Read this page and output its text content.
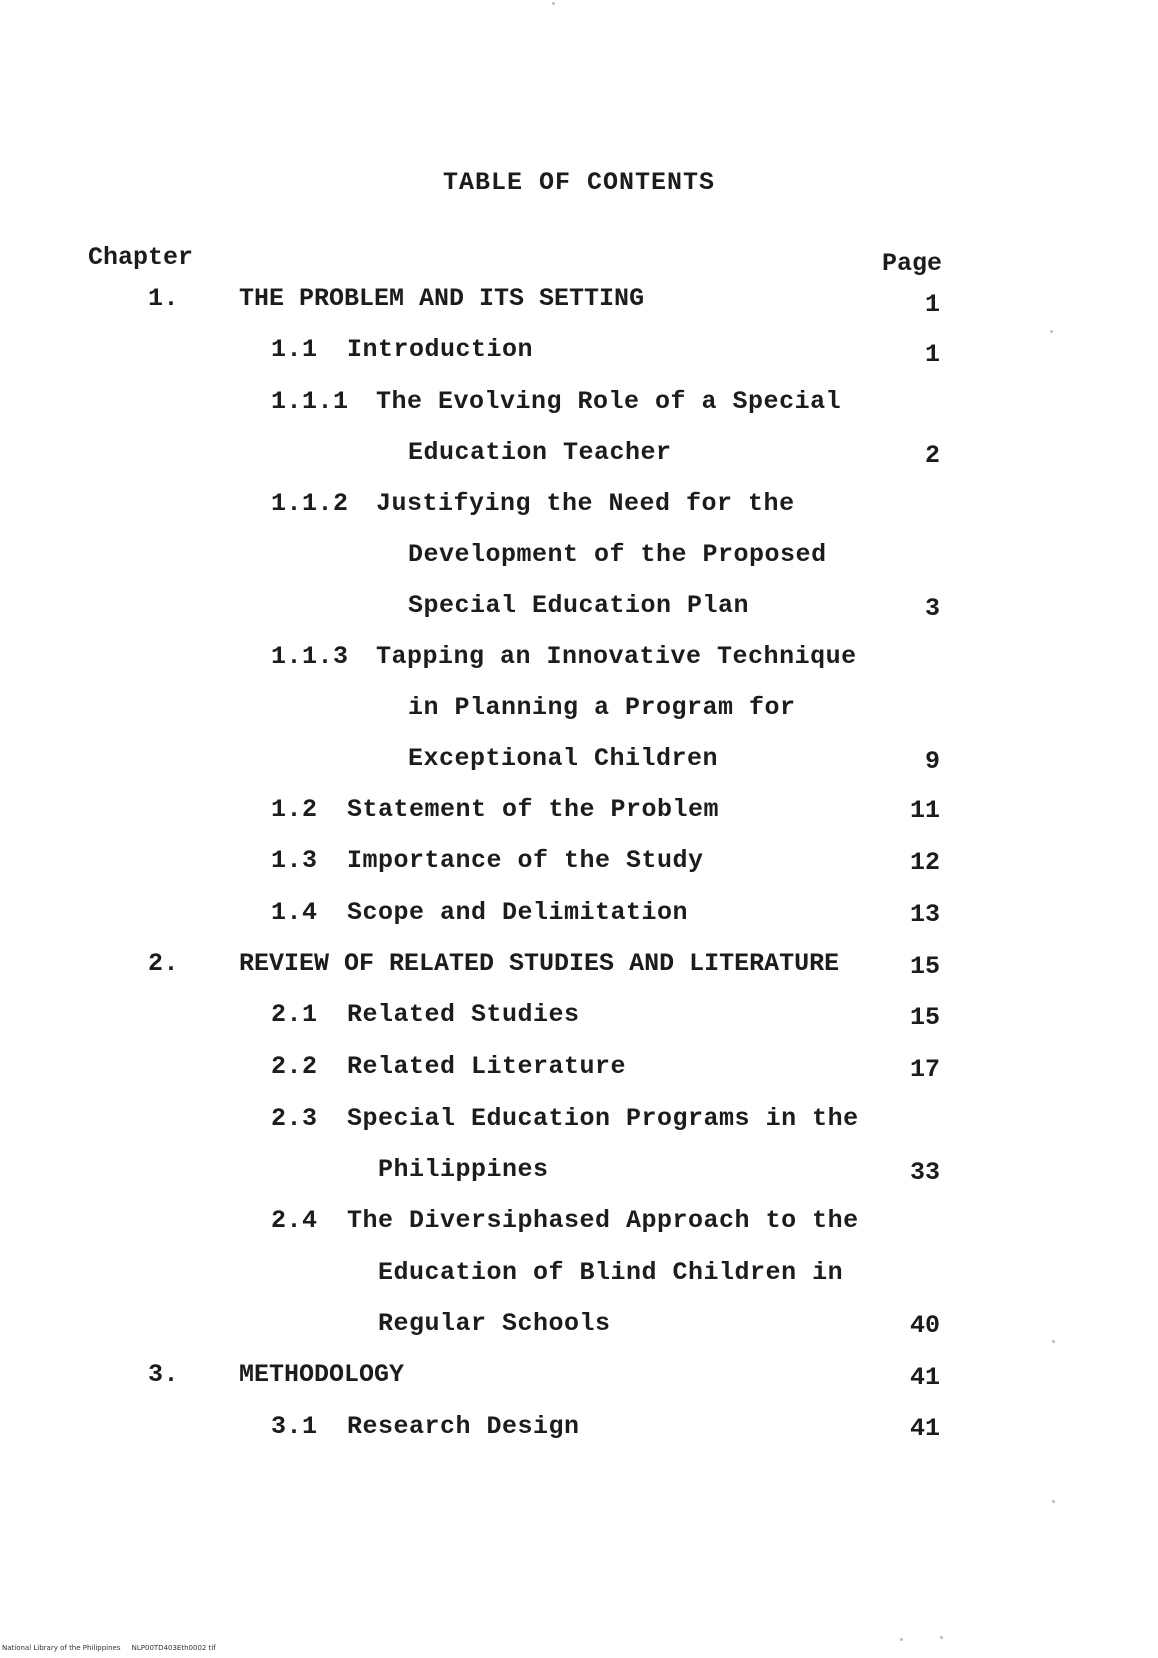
TABLE OF CONTENTS
Chapter	Page
1. THE PROBLEM AND ITS SETTING	1
1.1 Introduction	1
1.1.1 The Evolving Role of a Special
Education Teacher	2
1.1.2 Justifying the Need for the
Development of the Proposed
Special Education Plan	3
1.1.3 Tapping an Innovative Technique
in Planning a Program for
Exceptional Children	9
1.2 Statement of the Problem	11
1.3 Importance of the Study	12
1.4 Scope and Delimitation	13
2. REVIEW OF RELATED STUDIES AND LITERATURE	15
2.1 Related Studies	15
2.2 Related Literature	17
2.3 Special Education Programs in the
Philippines	33
2.4 The Diversiphased Approach to the
Education of Blind Children in
Regular Schools	40
3. METHODOLOGY	41
3.1 Research Design	41
National Library of the Philippines NLP00TD403Eth0002 tif
